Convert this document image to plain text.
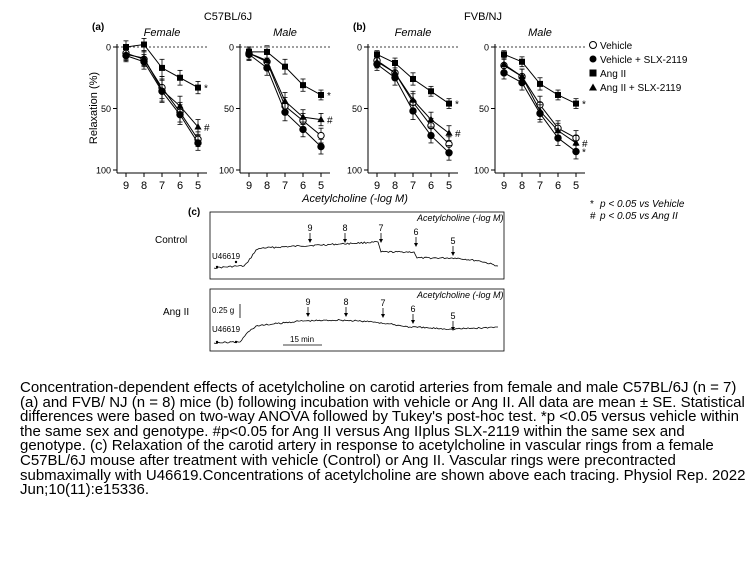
(a)
C57BL/6J
(b)
FVB/NJ
Relaxation (%)
Acetylcholine (-log M)
Female
0
50
100
9 8 7 6 5
*
#
Male
0
50
100
9 8 7 6 5
*
#
Female
0
50
100
9 8 7 6 5
*
#
Male
0
50
100
9 8 7 6 5
*
*
#
Vehicle
Vehicle + SLX-2119
Ang II
Ang II + SLX-2119
* p < 0.05 vs Vehicle
# p < 0.05 vs Ang II
(c)
Control
Acetylcholine (-log M)
U46619
9	8	7	6
5
Ang II
Acetylcholine (-log M)
U46619
0.25 g
15 min
9	8	7
6
5
Concentration-dependent effects of acetylcholine on carotid arteries from female and male C57BL/6J (n = 7) (a) and FVB/ NJ (n = 8) mice (b) following incubation with vehicle or Ang II. All data are mean ± SE. Statistical differences were based on two-way ANOVA followed by Tukey's post-hoc test. *p <0.05 versus vehicle within the same sex and genotype. #p<0.05 for Ang II versus Ang IIplus SLX-2119 within the same sex and genotype. (c) Relaxation of the carotid artery in response to acetylcholine in vascular rings from a female C57BL/6J mouse after treatment with vehicle (Control) or Ang II. Vascular rings were precontracted submaximally with U46619.Concentrations of acetylcholine are shown above each tracing. Physiol Rep. 2022 Jun;10(11):e15336.
